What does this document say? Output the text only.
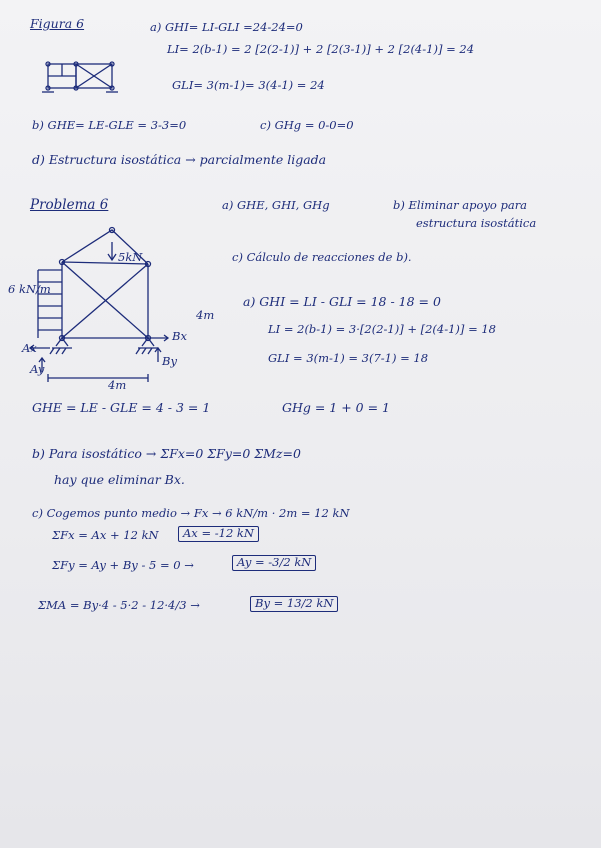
Figura 6	a) GHI= LI-GLI =24-24=0
LI= 2(b-1) = 2 [2(2-1)] + 2 [2(3-1)] + 2 [2(4-1)] = 24
GLI= 3(m-1)= 3(4-1) = 24
b) GHE= LE-GLE = 3-3=0	c) GHg = 0-0=0
d) Estructura isostática → parcialmente ligada
Problema 6	a) GHE, GHI, GHg	b) Eliminar apoyo para
estructura isostática
c) Cálculo de reacciones de b).
5kN
6 kN/m
4m
4m
Ax
Ay
Bx
By
a) GHI = LI - GLI = 18 - 18 = 0
LI = 2(b-1) = 3·[2(2-1)] + [2(4-1)] = 18
GLI = 3(m-1) = 3(7-1) = 18
GHE = LE - GLE = 4 - 3 = 1	GHg = 1 + 0 = 1
b) Para isostático → ΣFx=0 ΣFy=0 ΣMz=0
hay que eliminar Bx.
c) Cogemos punto medio → Fx → 6 kN/m · 2m = 12 kN
ΣFx = Ax + 12 kN	Ax = -12 kN
ΣFy = Ay + By - 5 = 0 →	Ay = -3/2 kN
ΣMA = By·4 - 5·2 - 12·4/3 →	By = 13/2 kN
